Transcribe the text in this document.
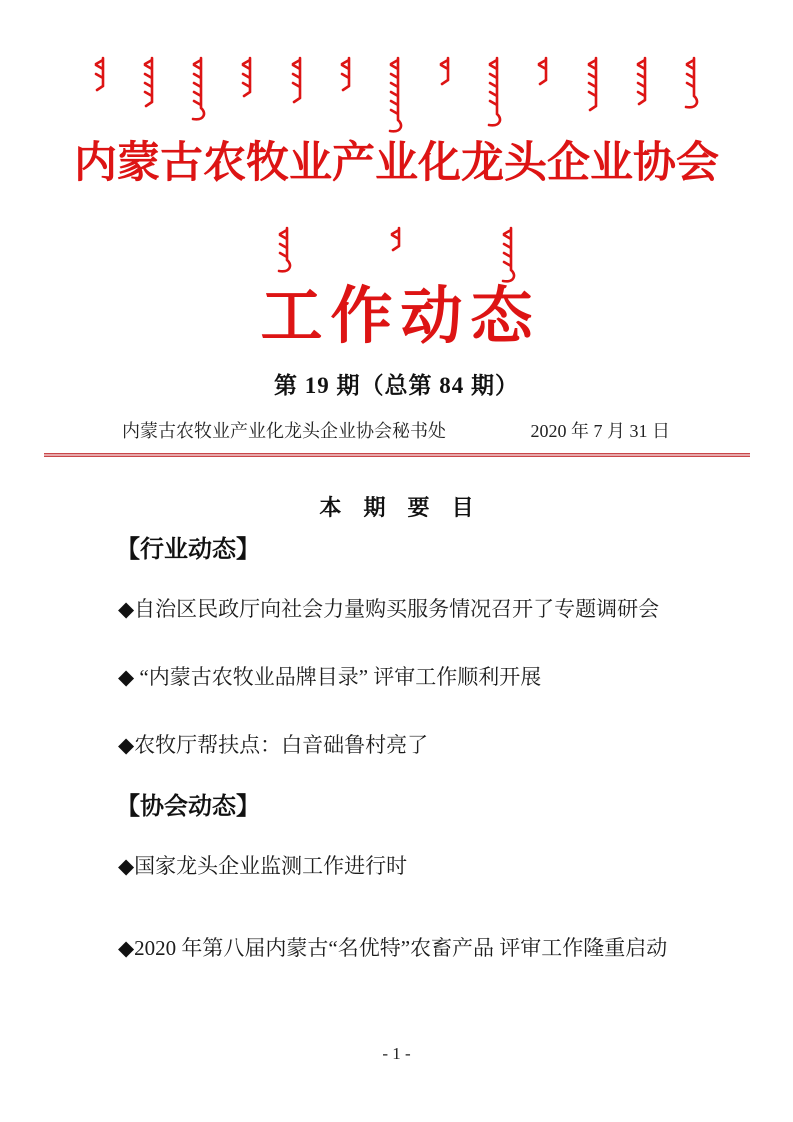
内蒙古农牧业产业化龙头企业协会
工作动态
第 19 期（总第 84 期）
内蒙古农牧业产业化龙头企业协会秘书处	2020 年 7 月 31 日
本 期 要 目
【行业动态】
◆自治区民政厅向社会力量购买服务情况召开了专题调研会
◆ “内蒙古农牧业品牌目录” 评审工作顺利开展
◆农牧厅帮扶点：白音础鲁村亮了
【协会动态】
◆国家龙头企业监测工作进行时
◆2020 年第八届内蒙古“名优特”农畜产品 评审工作隆重启动
- 1 -
